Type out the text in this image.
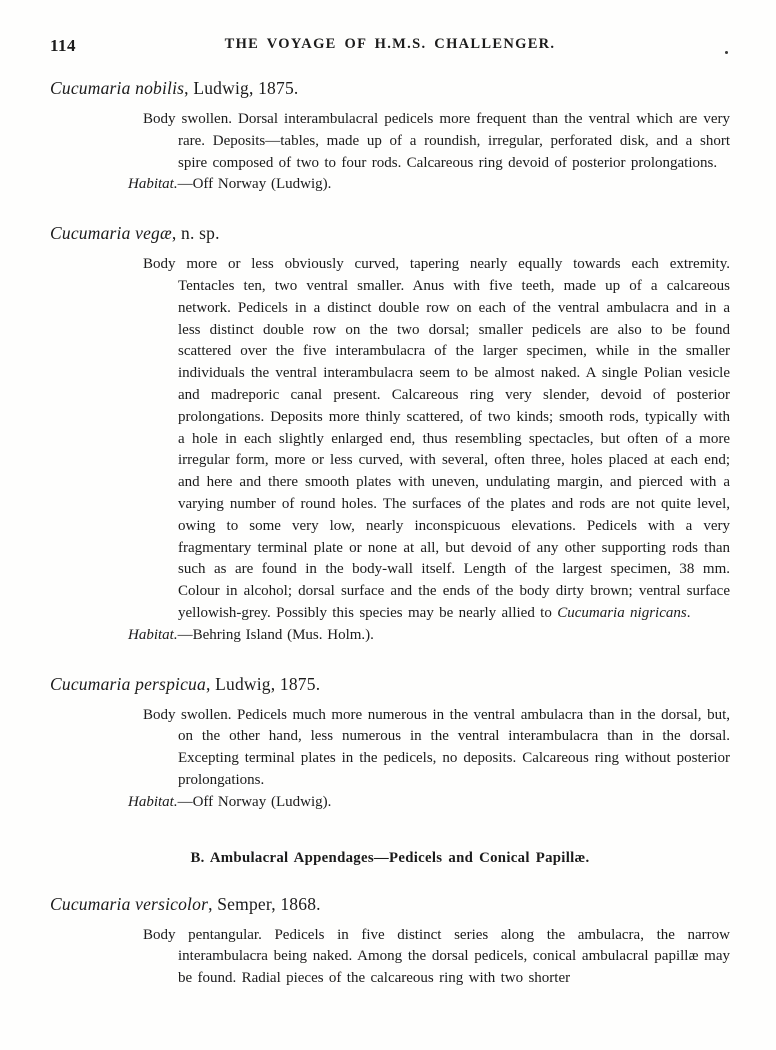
114	THE VOYAGE OF H.M.S. CHALLENGER.
Cucumaria nobilis, Ludwig, 1875.

Body swollen. Dorsal interambulacral pedicels more frequent than the ventral which are very rare. Deposits—tables, made up of a roundish, irregular, perforated disk, and a short spire composed of two to four rods. Calcareous ring devoid of posterior prolongations.

Habitat.—Off Norway (Ludwig).

Cucumaria vegæ, n. sp.

Body more or less obviously curved, tapering nearly equally towards each extremity. Tentacles ten, two ventral smaller. Anus with five teeth, made up of a calcareous network. Pedicels in a distinct double row on each of the ventral ambulacra and in a less distinct double row on the two dorsal; smaller pedicels are also to be found scattered over the five interambulacra of the larger specimen, while in the smaller individuals the ventral interambulacra seem to be almost naked. A single Polian vesicle and madreporic canal present. Calcareous ring very slender, devoid of posterior prolongations. Deposits more thinly scattered, of two kinds; smooth rods, typically with a hole in each slightly enlarged end, thus resembling spectacles, but often of a more irregular form, more or less curved, with several, often three, holes placed at each end; and here and there smooth plates with uneven, undulating margin, and pierced with a varying number of round holes. The surfaces of the plates and rods are not quite level, owing to some very low, nearly inconspicuous elevations. Pedicels with a very fragmentary terminal plate or none at all, but devoid of any other supporting rods than such as are found in the body-wall itself. Length of the largest specimen, 38 mm. Colour in alcohol; dorsal surface and the ends of the body dirty brown; ventral surface yellowish-grey. Possibly this species may be nearly allied to Cucumaria nigricans.

Habitat.—Behring Island (Mus. Holm.).

Cucumaria perspicua, Ludwig, 1875.

Body swollen. Pedicels much more numerous in the ventral ambulacra than in the dorsal, but, on the other hand, less numerous in the ventral interambulacra than in the dorsal. Excepting terminal plates in the pedicels, no deposits. Calcareous ring without posterior prolongations.

Habitat.—Off Norway (Ludwig).

B. Ambulacral Appendages—Pedicels and Conical Papillæ.
Cucumaria versicolor, Semper, 1868.

Body pentangular. Pedicels in five distinct series along the ambulacra, the narrow interambulacra being naked. Among the dorsal pedicels, conical ambulacral papillæ may be found. Radial pieces of the calcareous ring with two shorter
